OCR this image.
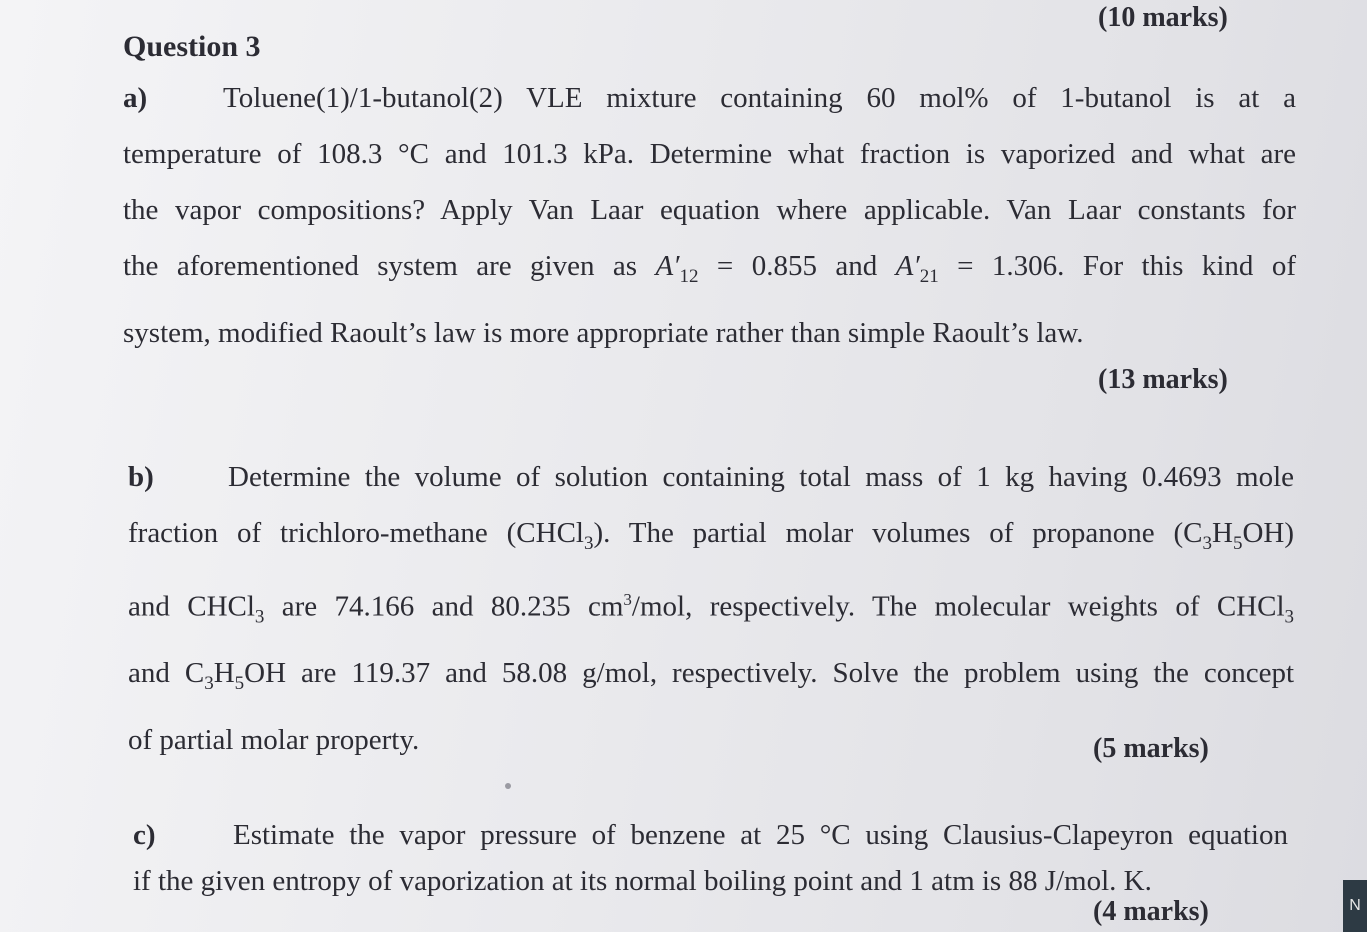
(10 marks)
Question 3
a)	Toluene(1)/1-butanol(2) VLE mixture containing 60 mol% of 1-butanol is at a
temperature of 108.3 °C and 101.3 kPa. Determine what fraction is vaporized and what are
the vapor compositions? Apply Van Laar equation where applicable. Van Laar constants for
the aforementioned system are given as $A'_{12} = 0.855$ and $A'_{21} = 1.306$. For this kind of
system, modified Raoult’s law is more appropriate rather than simple Raoult’s law.
(13 marks)
b)	Determine the volume of solution containing total mass of 1 kg having 0.4693 mole
fraction of trichloro-methane (CHCl$_3$). The partial molar volumes of propanone $(C_3H_5OH)$
and CHCl$_3$ are 74.166 and 80.235 $cm^3$/mol, respectively. The molecular weights of CHCl$_3$
and $C_3H_5OH$ are 119.37 and 58.08 g/mol, respectively. Solve the problem using the concept
of partial molar property.	(5 marks)
c)	Estimate the vapor pressure of benzene at 25 °C using Clausius-Clapeyron equation
if the given entropy of vaporization at its normal boiling point and 1 atm is 88 J/mol. K.
(4 marks)	N
